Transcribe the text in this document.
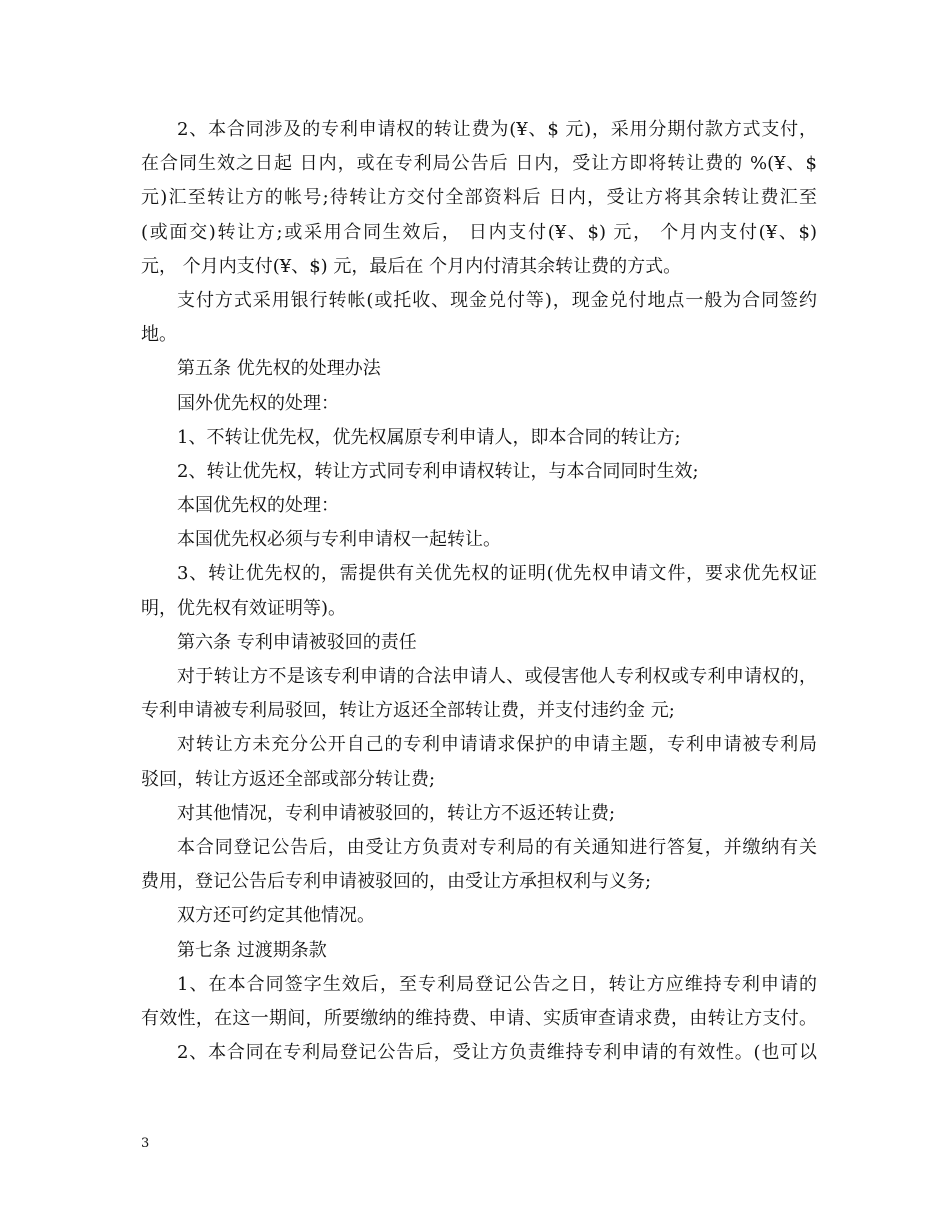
2、本合同涉及的专利申请权的转让费为(¥、$ 元)，采用分期付款方式支付，
在合同生效之日起 日内，或在专利局公告后 日内，受让方即将转让费的 %(¥、$
元)汇至转让方的帐号;待转让方交付全部资料后 日内，受让方将其余转让费汇至
(或面交)转让方;或采用合同生效后， 日内支付(¥、$) 元， 个月内支付(¥、$)
元， 个月内支付(¥、$) 元，最后在 个月内付清其余转让费的方式。
支付方式采用银行转帐(或托收、现金兑付等)，现金兑付地点一般为合同签约
地。
第五条 优先权的处理办法
国外优先权的处理：
1、不转让优先权，优先权属原专利申请人，即本合同的转让方;
2、转让优先权，转让方式同专利申请权转让，与本合同同时生效;
本国优先权的处理：
本国优先权必须与专利申请权一起转让。
3、转让优先权的，需提供有关优先权的证明(优先权申请文件，要求优先权证
明，优先权有效证明等)。
第六条 专利申请被驳回的责任
对于转让方不是该专利申请的合法申请人、或侵害他人专利权或专利申请权的，
专利申请被专利局驳回，转让方返还全部转让费，并支付违约金 元;
对转让方未充分公开自己的专利申请请求保护的申请主题，专利申请被专利局
驳回，转让方返还全部或部分转让费;
对其他情况，专利申请被驳回的，转让方不返还转让费;
本合同登记公告后，由受让方负责对专利局的有关通知进行答复，并缴纳有关
费用，登记公告后专利申请被驳回的，由受让方承担权利与义务;
双方还可约定其他情况。
第七条 过渡期条款
1、在本合同签字生效后，至专利局登记公告之日，转让方应维持专利申请的
有效性，在这一期间，所要缴纳的维持费、申请、实质审查请求费，由转让方支付。
2、本合同在专利局登记公告后，受让方负责维持专利申请的有效性。(也可以
3
